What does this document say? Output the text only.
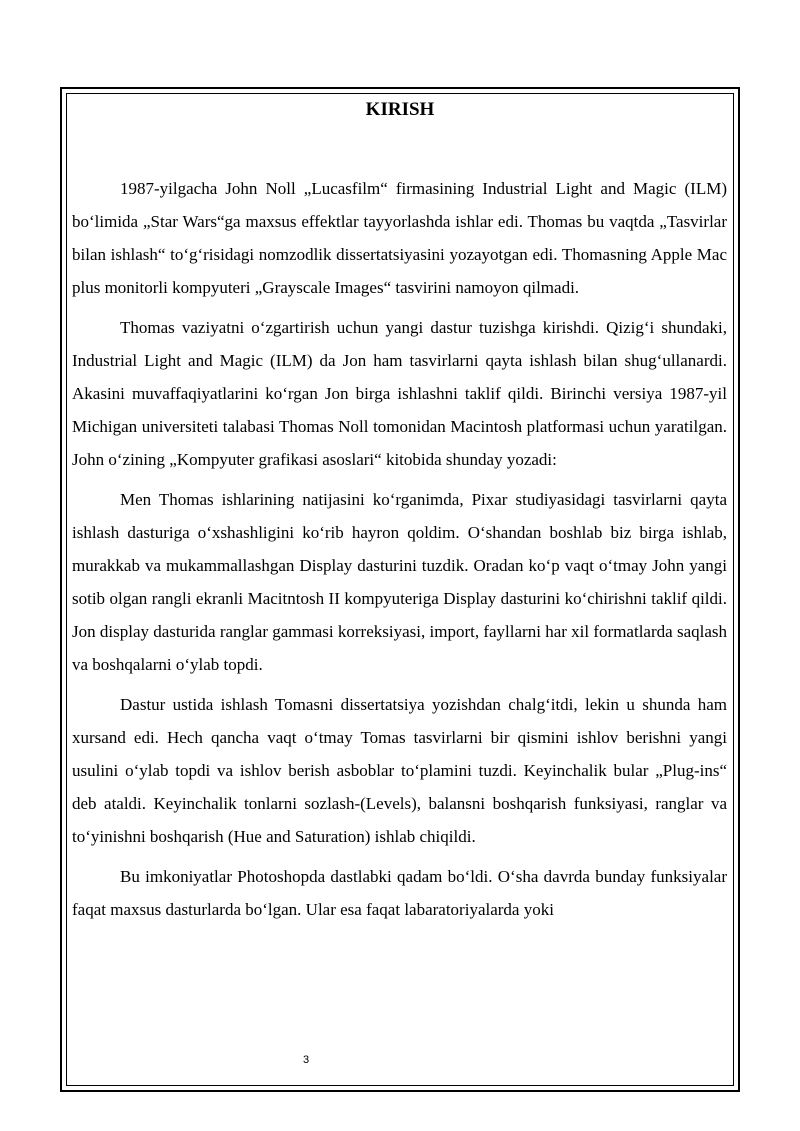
KIRISH

1987-yilgacha John Noll „Lucasfilm“ firmasining Industrial Light and Magic (ILM) bo‘limida „Star Wars“ga maxsus effektlar tayyorlashda ishlar edi. Thomas bu vaqtda „Tasvirlar bilan ishlash“ to‘g‘risidagi nomzodlik dissertatsiyasini yozayotgan edi. Thomasning Apple Mac plus monitorli kompyuteri „Grayscale Images“ tasvirini namoyon qilmadi.

Thomas vaziyatni o‘zgartirish uchun yangi dastur tuzishga kirishdi. Qizig‘i shundaki, Industrial Light and Magic (ILM) da Jon ham tasvirlarni qayta ishlash bilan shug‘ullanardi. Akasini muvaffaqiyatlarini ko‘rgan Jon birga ishlashni taklif qildi. Birinchi versiya 1987-yil Michigan universiteti talabasi Thomas Noll tomonidan Macintosh platformasi uchun yaratilgan. John o‘zining „Kompyuter grafikasi asoslari“ kitobida shunday yozadi:

Men Thomas ishlarining natijasini ko‘rganimda, Pixar studiyasidagi tasvirlarni qayta ishlash dasturiga o‘xshashligini ko‘rib hayron qoldim. O‘shandan boshlab biz birga ishlab, murakkab va mukammallashgan Display dasturini tuzdik. Oradan ko‘p vaqt o‘tmay John yangi sotib olgan rangli ekranli Macitntosh II kompyuteriga Display dasturini ko‘chirishni taklif qildi. Jon display dasturida ranglar gammasi korreksiyasi, import, fayllarni har xil formatlarda saqlash va boshqalarni o‘ylab topdi.

Dastur ustida ishlash Tomasni dissertatsiya yozishdan chalg‘itdi, lekin u shunda ham xursand edi. Hech qancha vaqt o‘tmay Tomas tasvirlarni bir qismini ishlov berishni yangi usulini o‘ylab topdi va ishlov berish asboblar to‘plamini tuzdi. Keyinchalik bular „Plug-ins“ deb ataldi. Keyinchalik tonlarni sozlash-(Levels), balansni boshqarish funksiyasi, ranglar va to‘yinishni boshqarish (Hue and Saturation) ishlab chiqildi.

Bu imkoniyatlar Photoshopda dastlabki qadam bo‘ldi. O‘sha davrda bunday funksiyalar faqat maxsus dasturlarda bo‘lgan. Ular esa faqat labaratoriyalarda yoki

3
